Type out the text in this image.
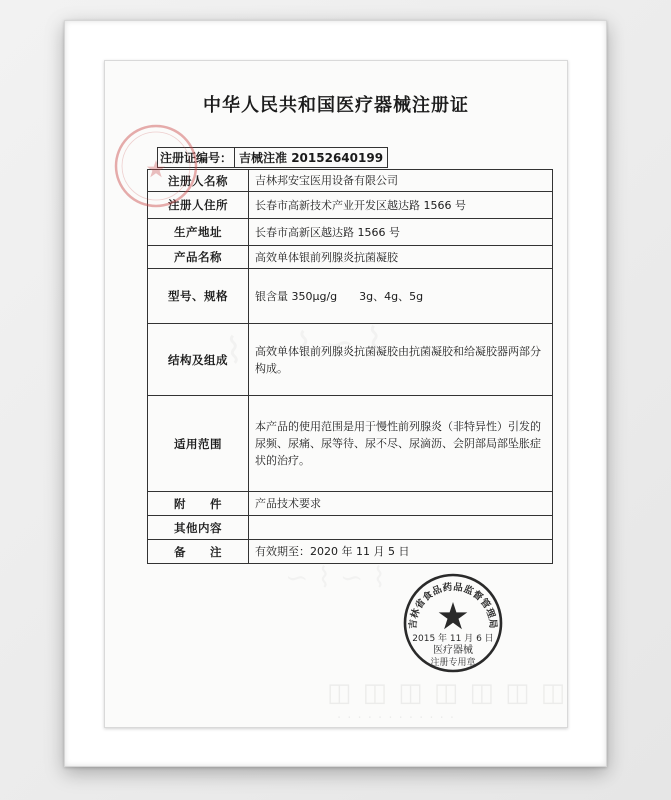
中华人民共和国医疗器械注册证
注册证编号： 吉械注准 20152640199
注册人名称	吉林邦安宝医用设备有限公司
注册人住所	长春市高新技术产业开发区越达路 1566 号
生产地址	长春市高新区越达路 1566 号
产品名称	高效单体银前列腺炎抗菌凝胶
型号、规格	银含量 350μg/g 3g、4g、5g
结构及组成	高效单体银前列腺炎抗菌凝胶由抗菌凝胶和给凝胶器两部分构成。
适用范围	本产品的使用范围是用于慢性前列腺炎（非特异性）引发的尿频、尿痛、尿等待、尿不尽、尿滴沥、会阴部局部坠胀症状的治疗。
附　　件	产品技术要求
其他内容	
备　　注	有效期至：2020 年 11 月 5 日
◫ ◫ ◫ ◫ ◫ ◫ ◫
· · · · · · · · · · · ·
吉林省食品药品监督管理局
2015 年 11 月 6 日
医疗器械
注册专用章
